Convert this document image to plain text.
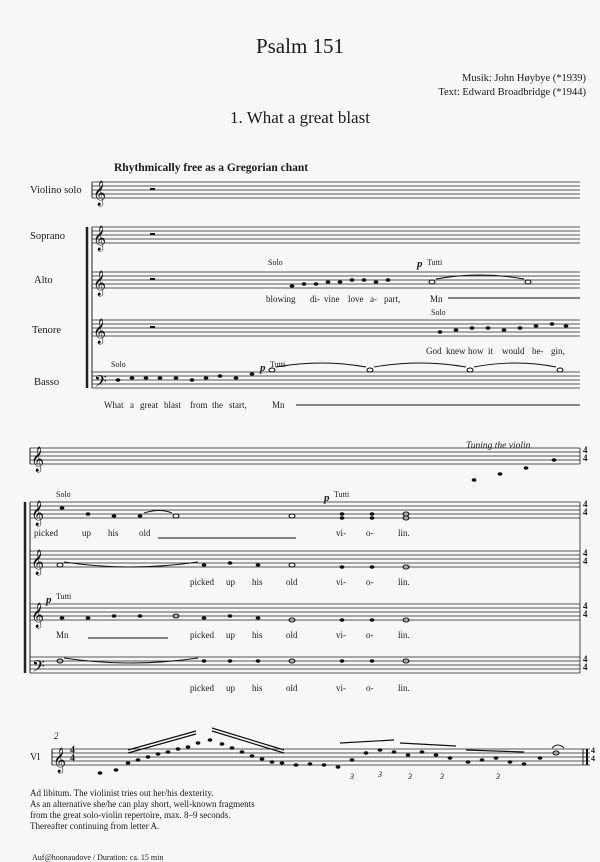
Psalm 151
Musik: John Høybye (*1939)
Text: Edward Broadbridge (*1944)
1. What a great blast
Rhythmically free as a Gregorian chant
Violino solo
Soprano
Alto
Tenore
Basso
𝄞
𝄞
𝄞
𝄞
𝄢
𝄞
𝄞
𝄞
𝄞
𝄢
𝄞
Solo	p Tutti
blowing di- vine love a- part,	Mn
Solo
God knew how it would be- gin,
Solo	p Tutti
What a great blast from the start,	Mn
Tuning the violin
Solo	p Tutti
picked	up his old	vi- o-	lin.
picked up his	old	vi- o-	lin.
p Tutti
Mn	picked up his	old	vi- o-	lin.
picked up his	old	vi- o-	lin.
4
4
4
4
4
4
4
4
4
4
Vl
2
4
4
3	3	3	3	3
4
4
Ad libitum. The violinist tries out her/his dexterity.
As an alternative she/he can play short, well-known fragments
from the great solo-violin repertoire, max. 8–9 seconds.
Thereafter continuing from letter A.
Auf@hoonaudove / Duration: ca. 15 min
